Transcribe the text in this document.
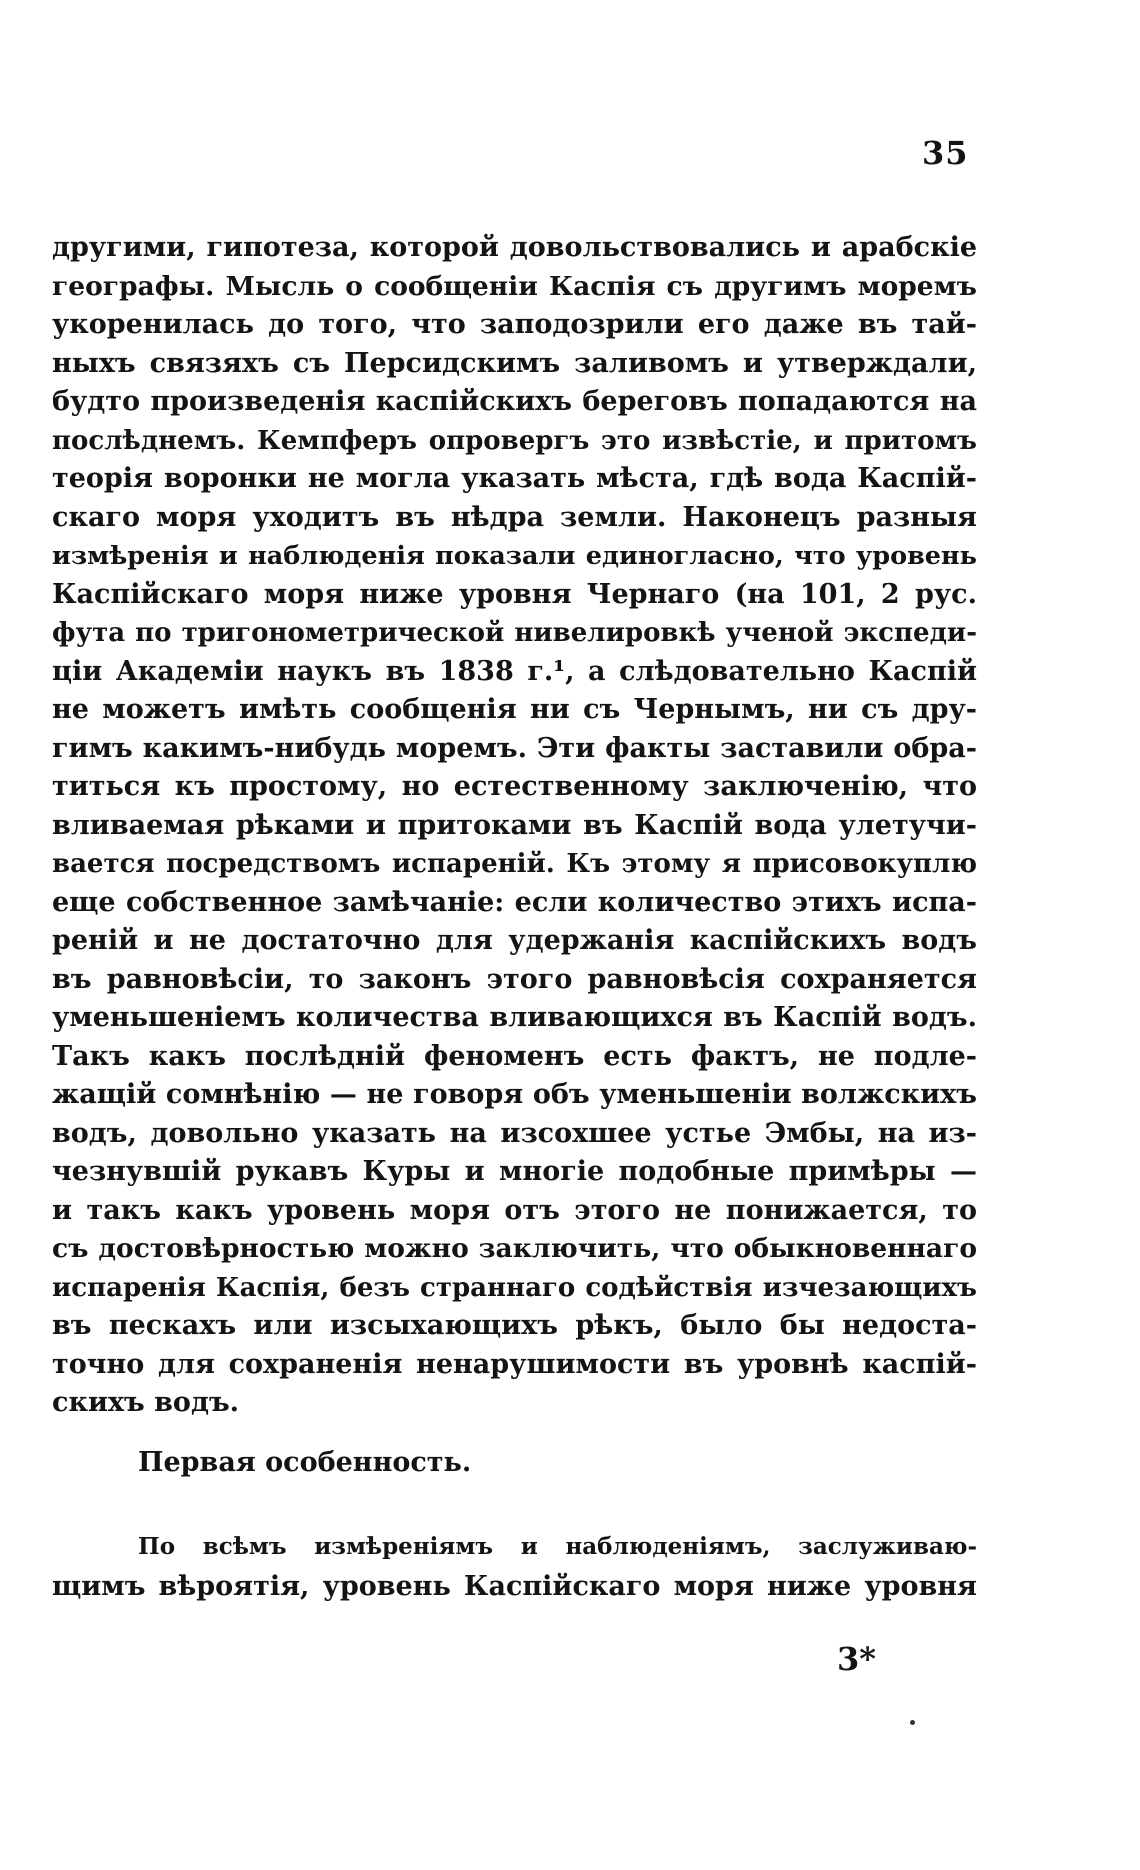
35
другими, гипотеза, которой довольствовались и арабскіе
географы. Мысль о сообщеніи Каспія съ другимъ моремъ
укоренилась до того, что заподозрили его даже въ тай-
ныхъ связяхъ съ Персидскимъ заливомъ и утверждали,
будто произведенія каспійскихъ береговъ попадаются на
послѣднемъ. Кемпферъ опровергъ это извѣстіе, и притомъ
теорія воронки не могла указать мѣста, гдѣ вода Каспій-
скаго моря уходитъ въ нѣдра земли. Наконецъ разныя
измѣренія и наблюденія показали единогласно, что уровень
Каспійскаго моря ниже уровня Чернаго (на 101, 2 рус.
фута по тригонометрической нивелировкѣ ученой экспеди-
ціи Академіи наукъ въ 1838 г.¹, а слѣдовательно Каспій
не можетъ имѣть сообщенія ни съ Чернымъ, ни съ дру-
гимъ какимъ-нибудь моремъ. Эти факты заставили обра-
титься къ простому, но естественному заключенію, что
вливаемая рѣками и притоками въ Каспій вода улетучи-
вается посредствомъ испареній. Къ этому я присовокуплю
еще собственное замѣчаніе: если количество этихъ испа-
реній и не достаточно для удержанія каспійскихъ водъ
въ равновѣсіи, то законъ этого равновѣсія сохраняется
уменьшеніемъ количества вливающихся въ Каспій водъ.
Такъ какъ послѣдній феноменъ есть фактъ, не подле-
жащій сомнѣнію — не говоря объ уменьшеніи волжскихъ
водъ, довольно указать на изсохшее устье Эмбы, на из-
чезнувшій рукавъ Куры и многіе подобные примѣры —
и такъ какъ уровень моря отъ этого не понижается, то
съ достовѣрностью можно заключить, что обыкновеннаго
испаренія Каспія, безъ страннаго содѣйствія изчезающихъ
въ пескахъ или изсыхающихъ рѣкъ, было бы недоста-
точно для сохраненія ненарушимости въ уровнѣ каспій-
скихъ водъ.
Первая особенность.
По всѣмъ измѣреніямъ и наблюденіямъ, заслуживаю-
щимъ вѣроятія, уровень Каспійскаго моря ниже уровня
3*
